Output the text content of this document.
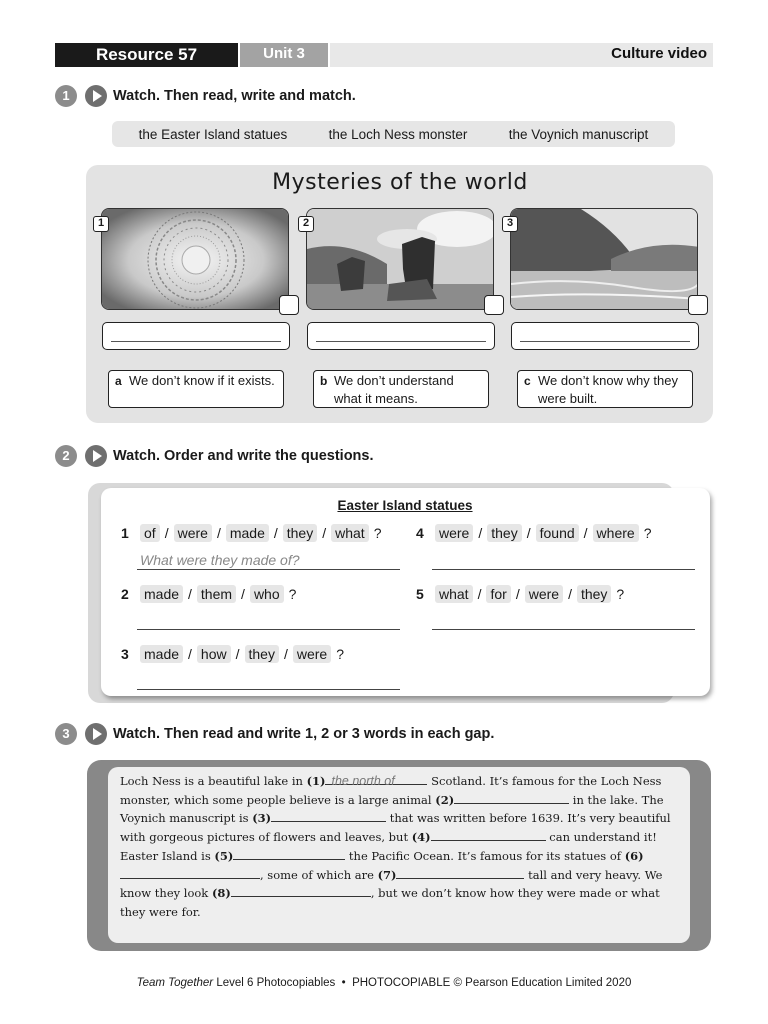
Resource 57	Unit 3	Culture video
1	Watch. Then read, write and match.
the Easter Island statues	the Loch Ness monster	the Voynich manuscript
Mysteries of the world
1	2	3
a We don’t know if it exists.	b We don’t understand what it means.
c We don’t know why they were built.
2	Watch. Order and write the questions.
Easter Island statues
1	of / were / made / they / what ?
What were they made of?
2	made / them / who ?
3	made / how / they / were ?
4	were / they / found / where ?
5	what / for / were / they ?
3	Watch. Then read and write 1, 2 or 3 words in each gap.
Loch Ness is a beautiful lake in (1) the north of	Scotland. It’s famous for the Loch Ness monster, which some people believe is a large animal (2)	in the lake. The Voynich manuscript is (3)	that was written before 1639. It’s very beautiful with gorgeous pictures of flowers and leaves, but (4)	can understand it!
Easter Island is (5)	the Pacific Ocean. It’s famous for its statues of (6), some of which are (7)	tall and very heavy. We know they look (8)	, but we don’t know how they were made or what they were for.
Team Together Level 6 Photocopiables • PHOTOCOPIABLE © Pearson Education Limited 2020
